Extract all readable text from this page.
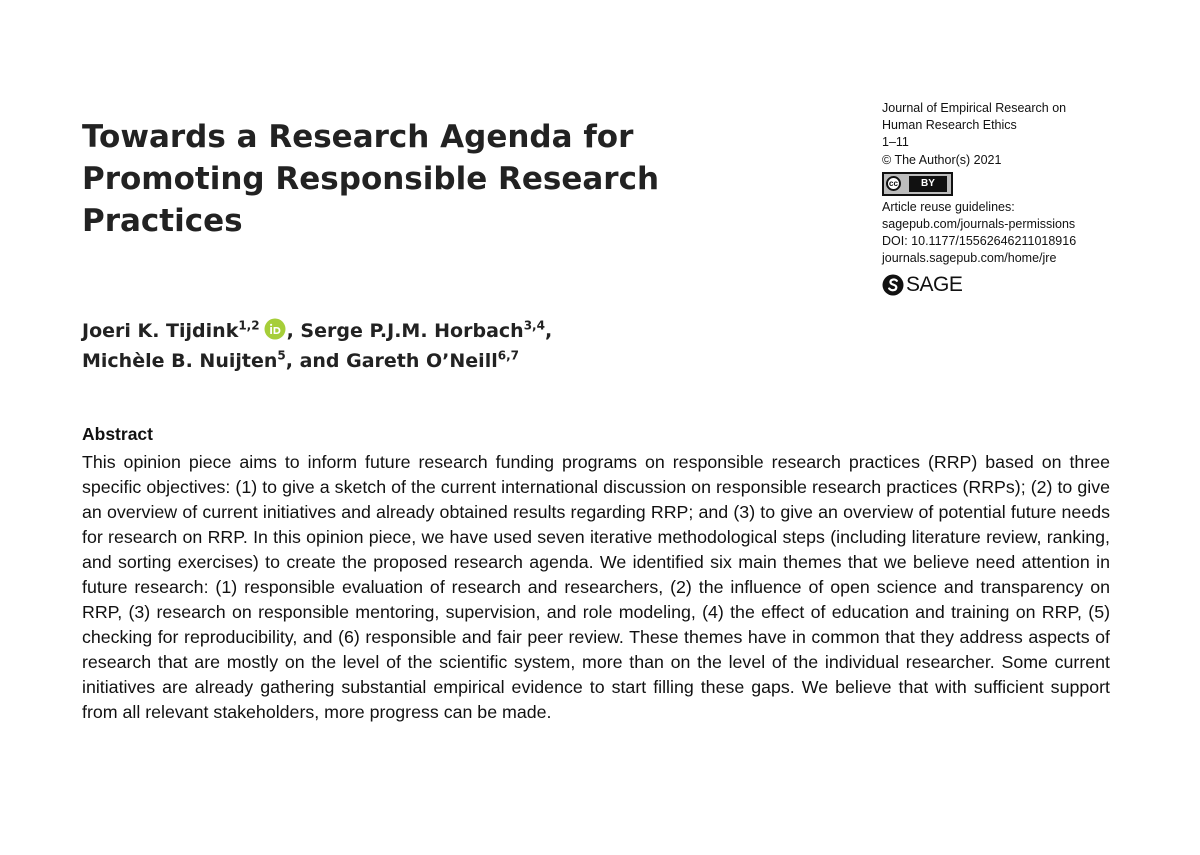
Towards a Research Agenda for
Promoting Responsible Research
Practices
Journal of Empirical Research on
Human Research Ethics
1–11
© The Author(s) 2021
cc	BY
Article reuse guidelines:
sagepub.com/journals-permissions
DOI: 10.1177/15562646211018916
journals.sagepub.com/home/jre
SAGE
Joeri K. Tijdink$^{1,2}$ , Serge P.J.M. Horbach$^{3,4}$,
Michèle B. Nuijten$^5$, and Gareth O’Neill$^{6,7}$
Abstract
This opinion piece aims to inform future research funding programs on responsible research practices (RRP) based on three specific objectives: (1) to give a sketch of the current international discussion on responsible research practices (RRPs); (2) to give an overview of current initiatives and already obtained results regarding RRP; and (3) to give an overview of potential future needs for research on RRP. In this opinion piece, we have used seven iterative methodological steps (including literature review, ranking, and sorting exercises) to create the proposed research agenda. We identified six main themes that we believe need attention in future research: (1) responsible evaluation of research and researchers, (2) the influence of open science and transparency on RRP, (3) research on responsible mentoring, supervision, and role modeling, (4) the effect of education and training on RRP, (5) checking for reproducibility, and (6) responsible and fair peer review. These themes have in common that they address aspects of research that are mostly on the level of the scientific system, more than on the level of the individual researcher. Some current initiatives are already gathering substantial empirical evidence to start filling these gaps. We believe that with sufficient support from all relevant stakeholders, more progress can be made.
